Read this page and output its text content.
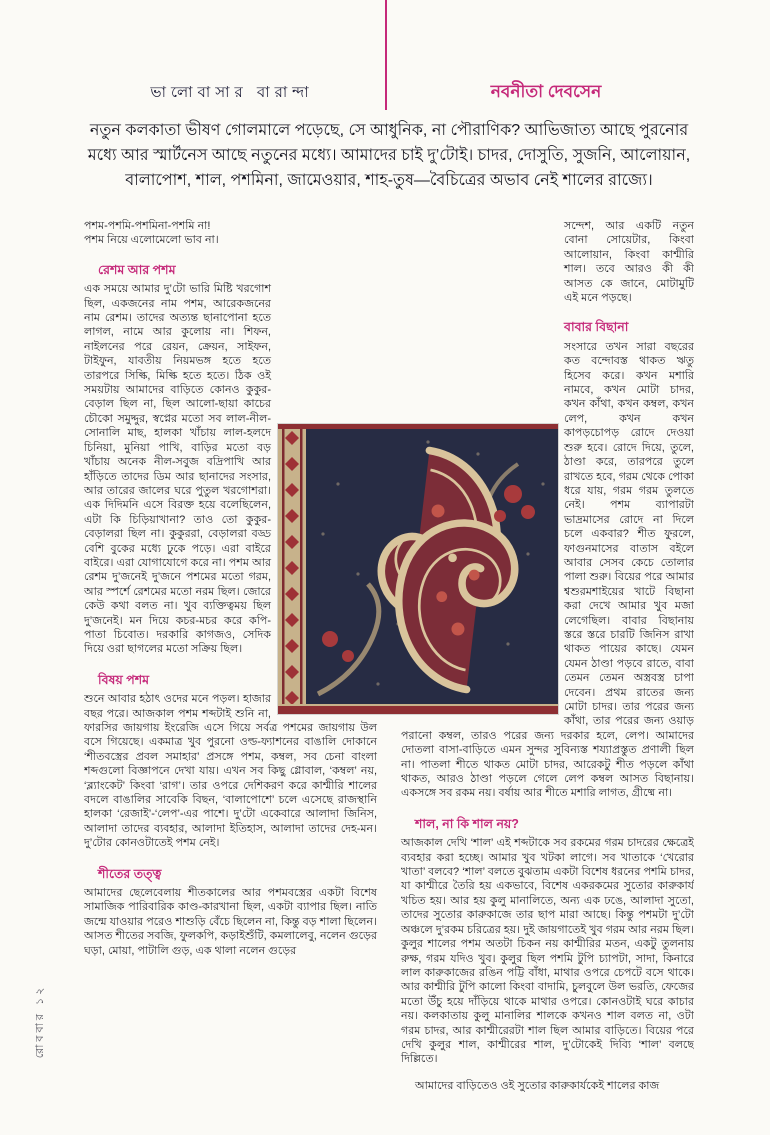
ভালোবাসার বারান্দা	নবনীতা দেবসেন

নতুন কলকাতা ভীষণ গোলমালে পড়েছে, সে আধুনিক, না পৌরাণিক? আভিজাত্য আছে পুরনোর মধ্যে আর স্মার্টনেস আছে নতুনের মধ্যে। আমাদের চাই দু’টোই। চাদর, দোসুতি, সুজনি, আলোয়ান, বালাপোশ, শাল, পশমিনা, জামেওয়ার, শাহ-তুষ—বৈচিত্রের অভাব নেই শালের রাজ্যে।

পশম-পশমি-পশমিনা-পশমি না!
পশম নিয়ে এলোমেলো ভাব না।

রেশম আর পশম

এক সময়ে আমার দু’টো ভারি মিষ্টি খরগোশ ছিল, একজনের নাম পশম, আরেকজনের নাম রেশম। তাদের অত্যন্ত ছানাপোনা হতে লাগল, নামে আর কুলোয় না। শিফন, নাইলনের পরে রেয়ন, ক্রেয়ন, সাইফন, টাইফুন, যাবতীয় নিয়মভঙ্গ হতে হতে তারপরে সিল্কি, মিল্কি হতে হতে। ঠিক ওই সময়টায় আমাদের বাড়িতে কোনও কুকুর-বেড়াল ছিল না, ছিল আলো-ছায়া কাচের চৌকো সমুদ্দুর, স্বপ্নের মতো সব লাল-নীল-সোনালি মাছ, হালকা খাঁচায় লাল-হলদে চিনিয়া, মুনিয়া পাখি, বাড়ির মতো বড় খাঁচায় অনেক নীল-সবুজ বদ্রিপাখি আর হাঁড়িতে তাদের ডিম আর ছানাদের সংসার, আর তারের জালের ঘরে পুতুল খরগোশরা। এক দিদিমনি এসে বিরক্ত হয়ে বলেছিলেন, এটা কি চিড়িয়াখানা? তাও তো কুকুর-বেড়ালরা ছিল না। কুকুররা, বেড়ালরা বড্ড বেশি বুকের মধ্যে ঢুকে পড়ে। এরা বাইরে বাইরে। এরা যোগাযোগে করে না। পশম আর রেশম দু’জনেই দু’জনে পশমের মতো গরম, আর স্পর্শে রেশমের মতো নরম ছিল। জোরে কেউ কথা বলত না। খুব ব্যক্তিত্বময় ছিল দু’জনেই। মন দিয়ে কচর-মচর করে কপি-পাতা চিবোত। দরকারি কাগজও, সেদিক দিয়ে ওরা ছাগলের মতো সক্রিয় ছিল।

বিষয় পশম

শুনে আবার হঠাৎ ওদের মনে পড়ল। হাজার বছর পরে। আজকাল পশম শব্দটাই শুনি না, ফারসির জায়গায় ইংরেজি এসে গিয়ে সর্বত্র পশমের জায়গায় উল বসে গিয়েছে। একমাত্র খুব পুরনো ওল্ড-ফ্যাশনের বাঙালি দোকানে ‘শীতবস্ত্রের প্রবল সমাহার’ প্রসঙ্গে পশম, কম্বল, সব চেনা বাংলা শব্দগুলো বিজ্ঞাপনে দেখা যায়। এখন সব কিছু গ্লোবাল, ‘কম্বল’ নয়, ‘ব্ল্যাংকেট’ কিংবা ‘রাগ’। তার ওপরে দেশিকরণ করে কাশ্মীরি শালের বদলে বাঙালির সাবেকি বিছন, ‘বালাপোশে’ চলে এসেছে রাজস্থানি হালকা ‘রেজাই’-‘লেপ’-এর পাশে। দু’টো একেবারে আলাদা জিনিস, আলাদা তাদের ব্যবহার, আলাদা ইতিহাস, আলাদা তাদের দেহ-মন। দু’টোর কোনওটাতেই পশম নেই।

শীতের তত্ত্ব

আমাদের ছেলেবেলায় শীতকালের আর পশমবস্ত্রের একটা বিশেষ সামাজিক পারিবারিক কাণ্ড-কারখানা ছিল, একটা ব্যাপার ছিল। নাতি জন্মে যাওয়ার পরেও শাশুড়ি বেঁচে ছিলেন না, কিন্তু বড় শালা ছিলেন। আসত শীতের সবজি, ফুলকপি, কড়াইশুঁটি, কমলালেবু, নলেন গুড়ের ঘড়া, মোয়া, পাটালি গুড়, এক থালা নলেন গুড়ের

সন্দেশ, আর একটি নতুন বোনা সোয়েটার, কিংবা আলোয়ান, কিংবা কাশ্মীরি শাল। তবে আরও কী কী আসত কে জানে, মোটামুটি এই মনে পড়ছে।

বাবার বিছানা

সংসারে তখন সারা বছরের কত বন্দোবস্ত থাকত ঋতু হিসেব করে। কখন মশারি নামবে, কখন মোটা চাদর, কখন কাঁথা, কখন কম্বল, কখন লেপ, কখন কখন কাপড়চোপড় রোদে দেওয়া শুরু হবে। রোদে দিয়ে, তুলে, ঠাণ্ডা করে, তারপরে তুলে রাখতে হবে, গরম থেকে পোকা ধরে যায়, গরম গরম তুলতে নেই। পশম ব্যাপারটা ভাদ্রমাসের রোদে না দিলে চলে একবার? শীত ফুরলে, ফাগুনমাসের বাতাস বইলে আবার সেসব কেচে তোলার পালা শুরু। বিয়ের পরে আমার শ্বশুরমশাইয়ের খাটে বিছানা করা দেখে আমার খুব মজা লেগেছিল। বাবার বিছানায় স্তরে স্তরে চারটি জিনিস রাখা থাকত পায়ের কাছে। যেমন যেমন ঠাণ্ডা পড়বে রাতে, বাবা তেমন তেমন অস্ত্রবস্ত্র চাপা দেবেন। প্রথম রাতের জন্য মোটা চাদর। তার পরের জন্য কাঁথা, তার পরের জন্য ওয়াড় পরানো কম্বল, তারও পরের জন্য দরকার হলে, লেপ। আমাদের দোতলা বাসা-বাড়িতে এমন সুন্দর সুবিন্যস্ত শয্যাপ্রস্তুত প্রণালী ছিল না। পাতলা শীতে থাকত মোটা চাদর, আরেকটু শীত পড়লে কাঁথা থাকত, আরও ঠাণ্ডা পড়লে গেলে লেপ কম্বল আসত বিছানায়। একসঙ্গে সব রকম নয়। বর্ষায় আর শীতে মশারি লাগত, গ্রীষ্মে না।

শাল, না কি শাল নয়?

আজকাল দেখি ‘শাল’ এই শব্দটাকে সব রকমের গরম চাদরের ক্ষেত্রেই ব্যবহার করা হচ্ছে। আমার খুব খটকা লাগে। সব খাতাকে ‘খেরোর খাতা’ বলবে? ‘শাল’ বলতে বুঝতাম একটা বিশেষ ধরনের পশমি চাদর, যা কাশ্মীরে তৈরি হয় একভাবে, বিশেষ একরকমের সুতোর কারুকার্য খচিত হয়। আর হয় কুলু মানালিতে, অন্য এক ঢঙে, আলাদা সুতো, তাদের সুতোর কারুকাজে তার ছাপ মারা আছে। কিন্তু পশমটা দু’টো অঞ্চলে দু’রকম চরিত্রের হয়। দুই জায়গাতেই খুব গরম আর নরম ছিল। কুলুর শালের পশম অতটা চিকন নয় কাশ্মীরির মতন, একটু তুলনায় রুক্ষ, গরম যদিও খুব। কুলুর ছিল পশমি টুপি চ্যাপটা, সাদা, কিনারে লাল কারুকাজের রঙিন পট্টি বাঁধা, মাথার ওপরে চেপটে বসে থাকে। আর কাশ্মীরি টুপি কালো কিংবা বাদামি, চুলবুলে উল ভরতি, ফেজের মতো উঁচু হয়ে দাঁড়িয়ে থাকে মাথার ওপরে। কোনওটাই ঘরে কাচার নয়। কলকাতায় কুলু মানালির শালকে কখনও শাল বলত না, ওটা গরম চাদর, আর কাশ্মীরেরটা শাল ছিল আমার বাড়িতে। বিয়ের পরে দেখি কুলুর শাল, কাশ্মীরের শাল, দু’টোকেই দিব্যি ‘শাল’ বলছে দিল্লিতে।

আমাদের বাড়িতেও ওই সুতোর কারুকার্যকেই শালের কাজ

রোববার ১২
